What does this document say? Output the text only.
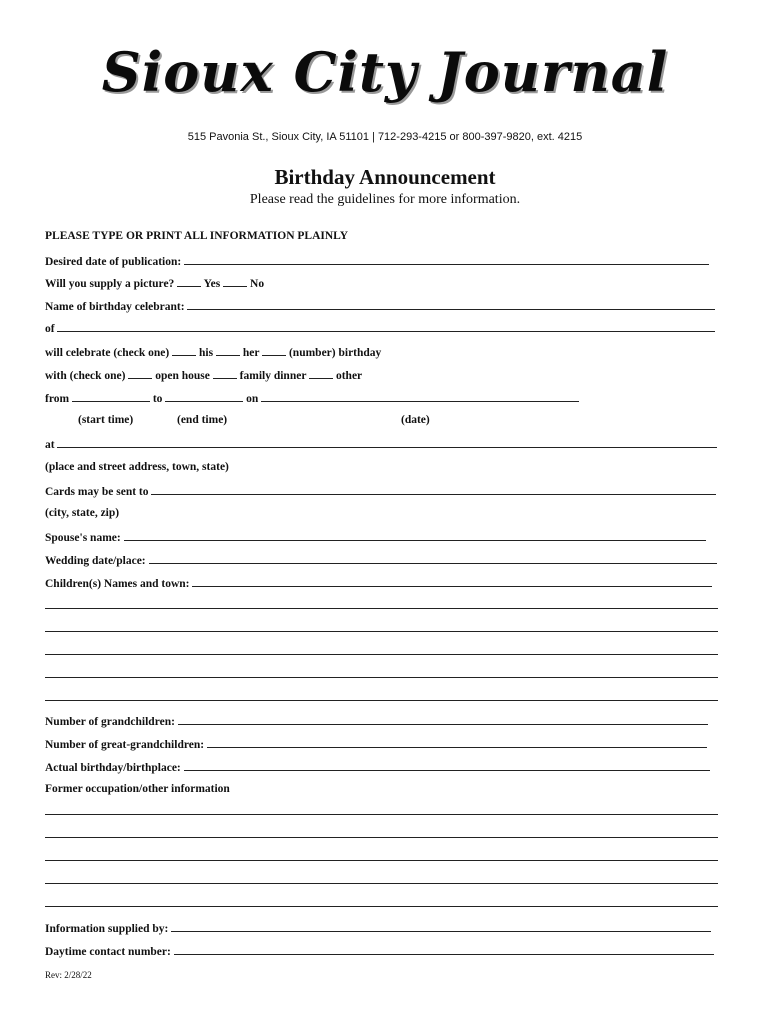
Sioux City Journal
515 Pavonia St., Sioux City, IA 51101 | 712-293-4215 or 800-397-9820, ext. 4215
Birthday Announcement
Please read the guidelines for more information.
PLEASE TYPE OR PRINT ALL INFORMATION PLAINLY
Desired date of publication:
Will you supply a picture?	Yes	No
Name of birthday celebrant:
of
will celebrate (check one)	his	her	(number) birthday
with (check one)	open house	family dinner	other
from	to	on
(start time)	(end time)	(date)
at
(place and street address, town, state)
Cards may be sent to
(city, state, zip)
Spouse's name:
Wedding date/place:
Children(s) Names and town:
Number of grandchildren:
Number of great-grandchildren:
Actual birthday/birthplace:
Former occupation/other information
Information supplied by:
Daytime contact number:
Rev: 2/28/22
